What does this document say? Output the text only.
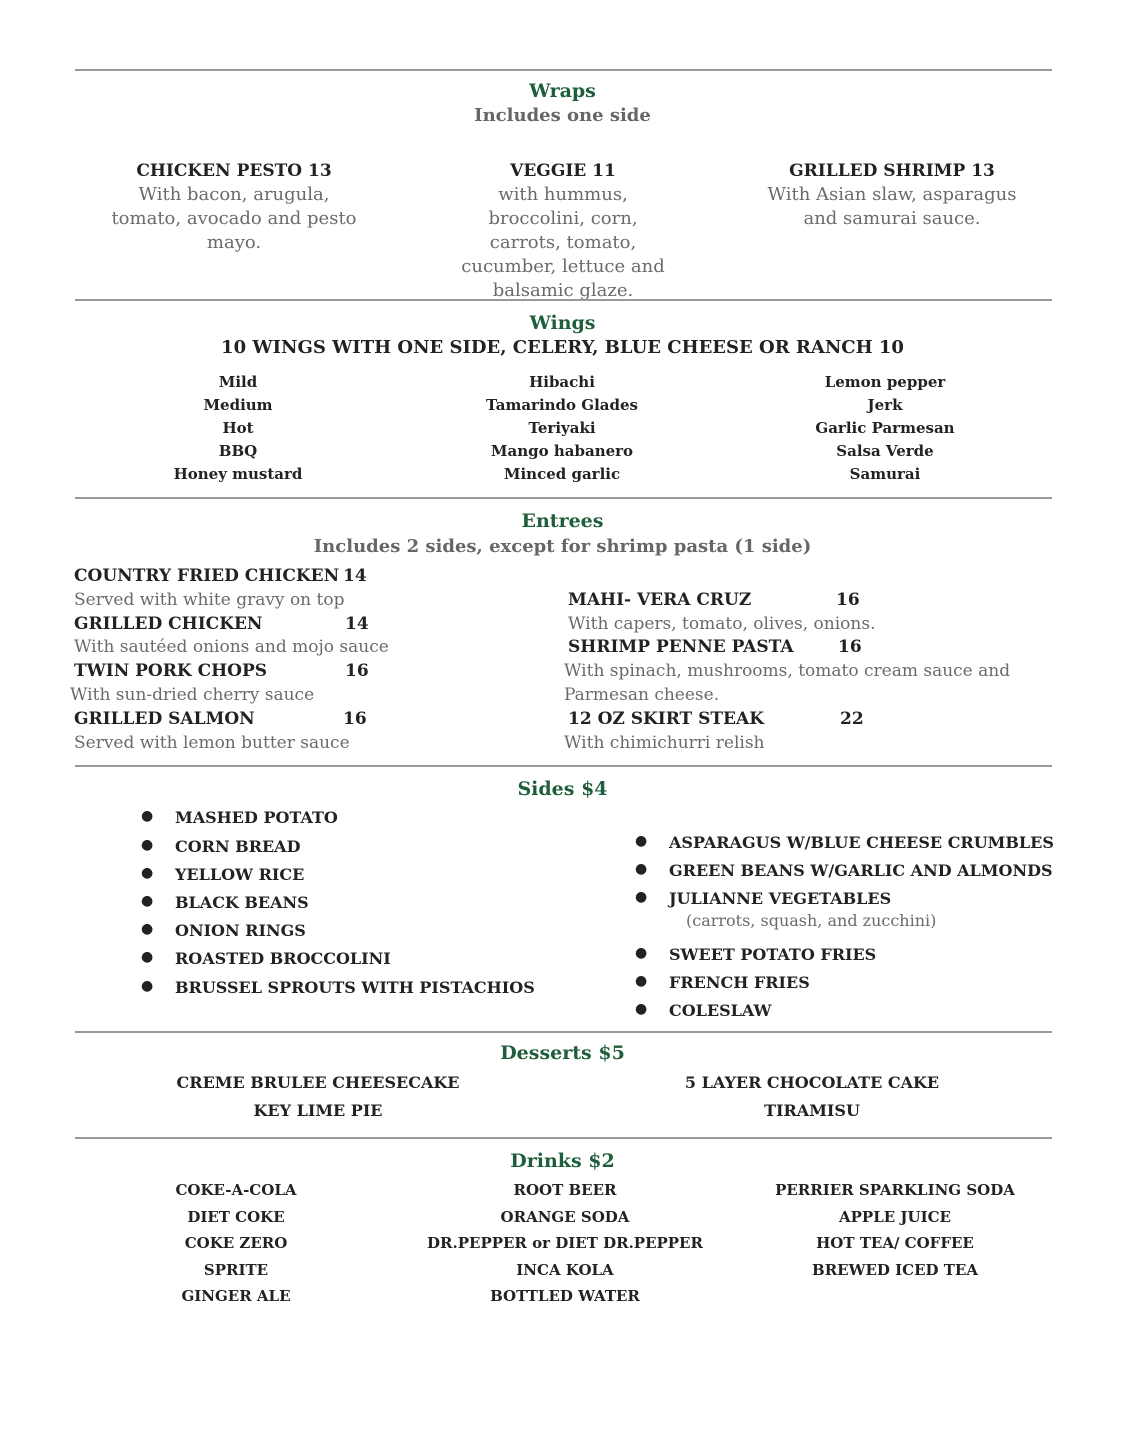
Wraps
Includes one side
CHICKEN PESTO 13
With bacon, arugula, tomato, avocado and pesto mayo.
VEGGIE 11
with hummus, broccolini, corn, carrots, tomato, cucumber, lettuce and balsamic glaze.
GRILLED SHRIMP 13
With Asian slaw, asparagus and samurai sauce.
Wings
10 WINGS WITH ONE SIDE, CELERY, BLUE CHEESE OR RANCH 10
Mild
Medium
Hot
BBQ
Honey mustard
Hibachi
Tamarindo Glades
Teriyaki
Mango habanero
Minced garlic
Lemon pepper
Jerk
Garlic Parmesan
Salsa Verde
Samurai
Entrees
Includes 2 sides, except for shrimp pasta (1 side)
COUNTRY FRIED CHICKEN 14
Served with white gravy on top
GRILLED CHICKEN	14
With sautéed onions and mojo sauce
TWIN PORK CHOPS	16
With sun-dried cherry sauce
GRILLED SALMON	16
Served with lemon butter sauce
MAHI- VERA CRUZ	16
With capers, tomato, olives, onions.
SHRIMP PENNE PASTA	16
With spinach, mushrooms, tomato cream sauce and
Parmesan cheese.
12 OZ SKIRT STEAK	22
With chimichurri relish
Sides $4
● MASHED POTATO
● CORN BREAD
● YELLOW RICE
● BLACK BEANS
● ONION RINGS
● ROASTED BROCCOLINI
● BRUSSEL SPROUTS WITH PISTACHIOS
● ASPARAGUS W/BLUE CHEESE CRUMBLES
● GREEN BEANS W/GARLIC AND ALMONDS
● JULIANNE VEGETABLES
(carrots, squash, and zucchini)
● SWEET POTATO FRIES
● FRENCH FRIES
● COLESLAW
Desserts $5
CREME BRULEE CHEESECAKE
KEY LIME PIE
5 LAYER CHOCOLATE CAKE
TIRAMISU
Drinks $2
COKE-A-COLA
DIET COKE
COKE ZERO
SPRITE
GINGER ALE
ROOT BEER
ORANGE SODA
DR.PEPPER or DIET DR.PEPPER
INCA KOLA
BOTTLED WATER
PERRIER SPARKLING SODA
APPLE JUICE
HOT TEA/ COFFEE
BREWED ICED TEA
